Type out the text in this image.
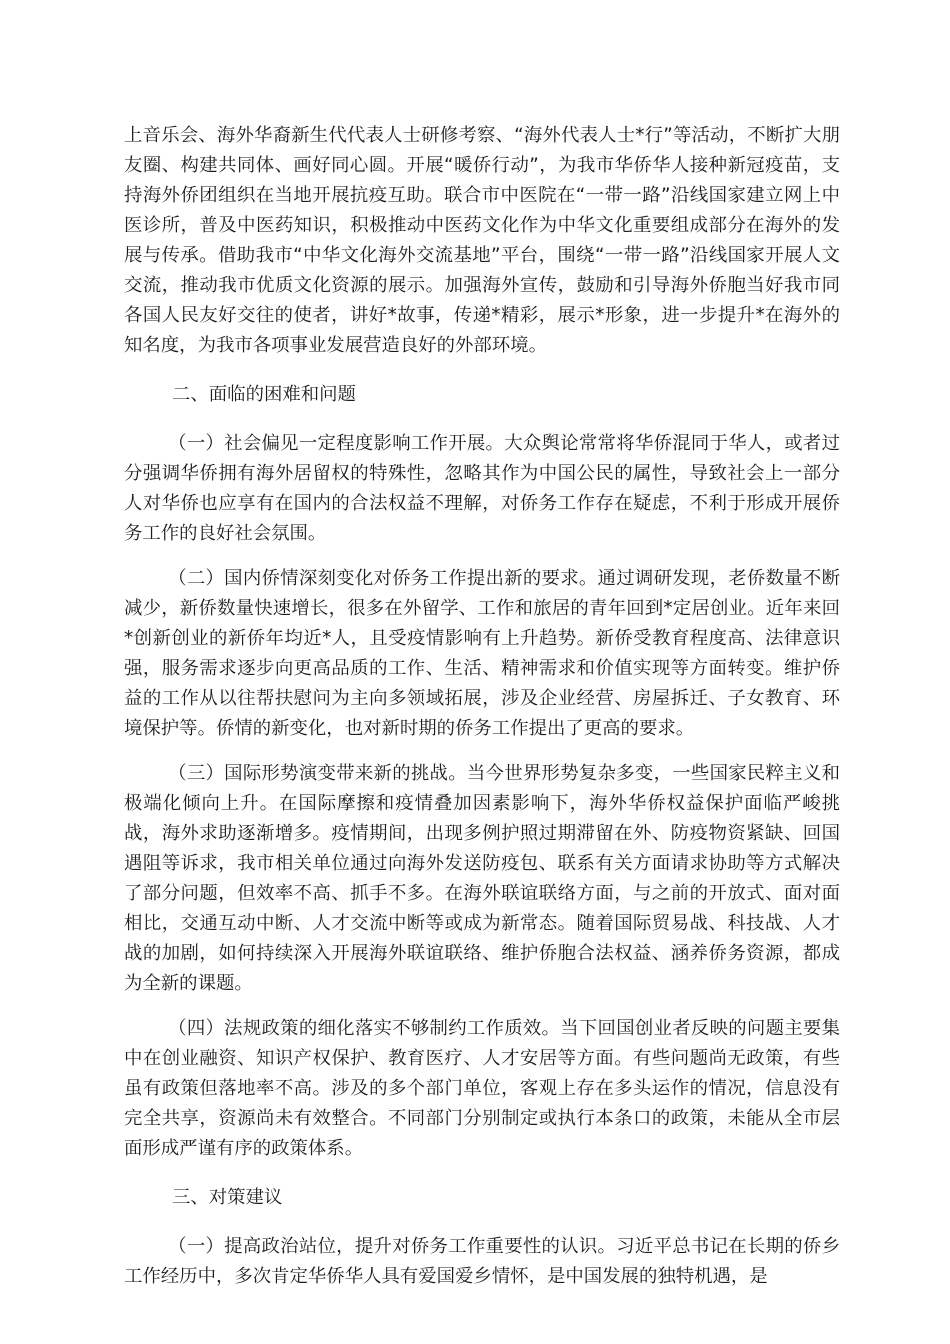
上音乐会、海外华裔新生代代表人士研修考察、“海外代表人士*行”等活动，不断扩大朋友圈、构建共同体、画好同心圆。开展“暖侨行动”，为我市华侨华人接种新冠疫苗，支持海外侨团组织在当地开展抗疫互助。联合市中医院在“一带一路”沿线国家建立网上中医诊所，普及中医药知识，积极推动中医药文化作为中华文化重要组成部分在海外的发展与传承。借助我市“中华文化海外交流基地”平台，围绕“一带一路”沿线国家开展人文交流，推动我市优质文化资源的展示。加强海外宣传，鼓励和引导海外侨胞当好我市同各国人民友好交往的使者，讲好*故事，传递*精彩，展示*形象，进一步提升*在海外的知名度，为我市各项事业发展营造良好的外部环境。

二、面临的困难和问题

（一）社会偏见一定程度影响工作开展。大众舆论常常将华侨混同于华人，或者过分强调华侨拥有海外居留权的特殊性，忽略其作为中国公民的属性，导致社会上一部分人对华侨也应享有在国内的合法权益不理解，对侨务工作存在疑虑，不利于形成开展侨务工作的良好社会氛围。

（二）国内侨情深刻变化对侨务工作提出新的要求。通过调研发现，老侨数量不断减少，新侨数量快速增长，很多在外留学、工作和旅居的青年回到*定居创业。近年来回*创新创业的新侨年均近*人，且受疫情影响有上升趋势。新侨受教育程度高、法律意识强，服务需求逐步向更高品质的工作、生活、精神需求和价值实现等方面转变。维护侨益的工作从以往帮扶慰问为主向多领域拓展，涉及企业经营、房屋拆迁、子女教育、环境保护等。侨情的新变化，也对新时期的侨务工作提出了更高的要求。

（三）国际形势演变带来新的挑战。当今世界形势复杂多变，一些国家民粹主义和极端化倾向上升。在国际摩擦和疫情叠加因素影响下，海外华侨权益保护面临严峻挑战，海外求助逐渐增多。疫情期间，出现多例护照过期滞留在外、防疫物资紧缺、回国遇阻等诉求，我市相关单位通过向海外发送防疫包、联系有关方面请求协助等方式解决了部分问题，但效率不高、抓手不多。在海外联谊联络方面，与之前的开放式、面对面相比，交通互动中断、人才交流中断等或成为新常态。随着国际贸易战、科技战、人才战的加剧，如何持续深入开展海外联谊联络、维护侨胞合法权益、涵养侨务资源，都成为全新的课题。

（四）法规政策的细化落实不够制约工作质效。当下回国创业者反映的问题主要集中在创业融资、知识产权保护、教育医疗、人才安居等方面。有些问题尚无政策，有些虽有政策但落地率不高。涉及的多个部门单位，客观上存在多头运作的情况，信息没有完全共享，资源尚未有效整合。不同部门分别制定或执行本条口的政策，未能从全市层面形成严谨有序的政策体系。

三、对策建议

（一）提高政治站位，提升对侨务工作重要性的认识。习近平总书记在长期的侨乡工作经历中，多次肯定华侨华人具有爱国爱乡情怀，是中国发展的独特机遇，是
